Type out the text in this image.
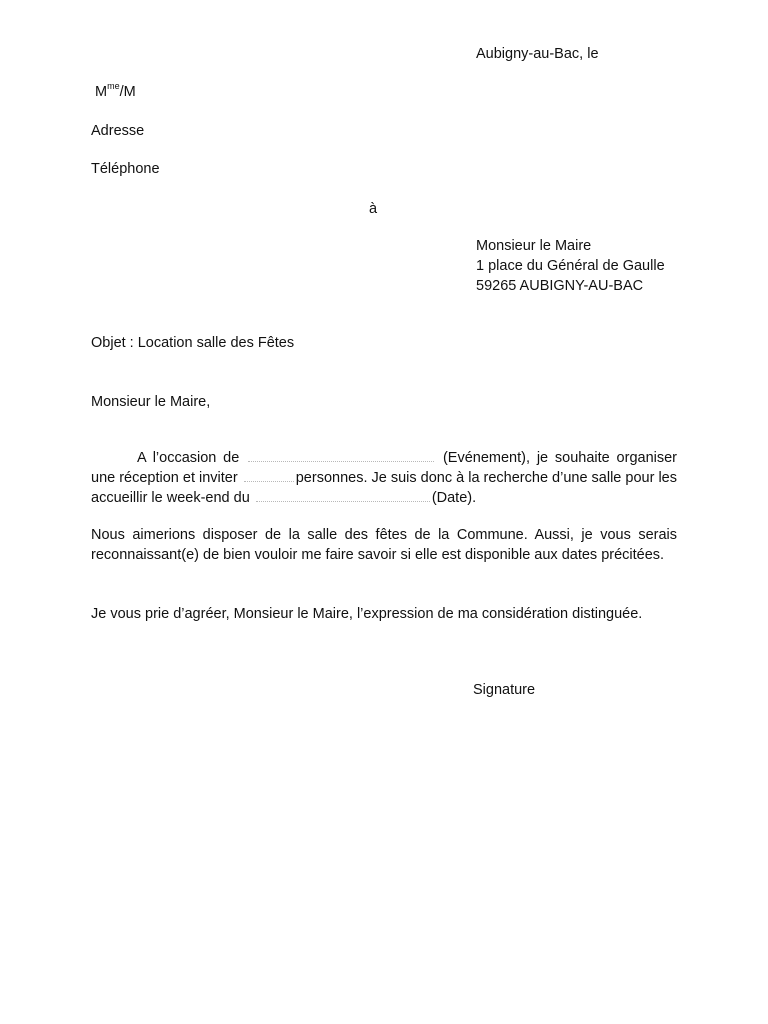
Aubigny-au-Bac, le
$M^{me}/M$
Adresse
Téléphone
à
Monsieur le Maire
1 place du Général de Gaulle
59265 AUBIGNY-AU-BAC
Objet : Location salle des Fêtes
Monsieur le Maire,
A l’occasion de	(Evénement), je souhaite organiser une réception et inviter	personnes. Je suis donc à la recherche d’une salle pour les accueillir le week-end du	(Date).
Nous aimerions disposer de la salle des fêtes de la Commune. Aussi, je vous serais reconnaissant(e) de bien vouloir me faire savoir si elle est disponible aux dates précitées.
Je vous prie d’agréer, Monsieur le Maire, l’expression de ma considération distinguée.
Signature
